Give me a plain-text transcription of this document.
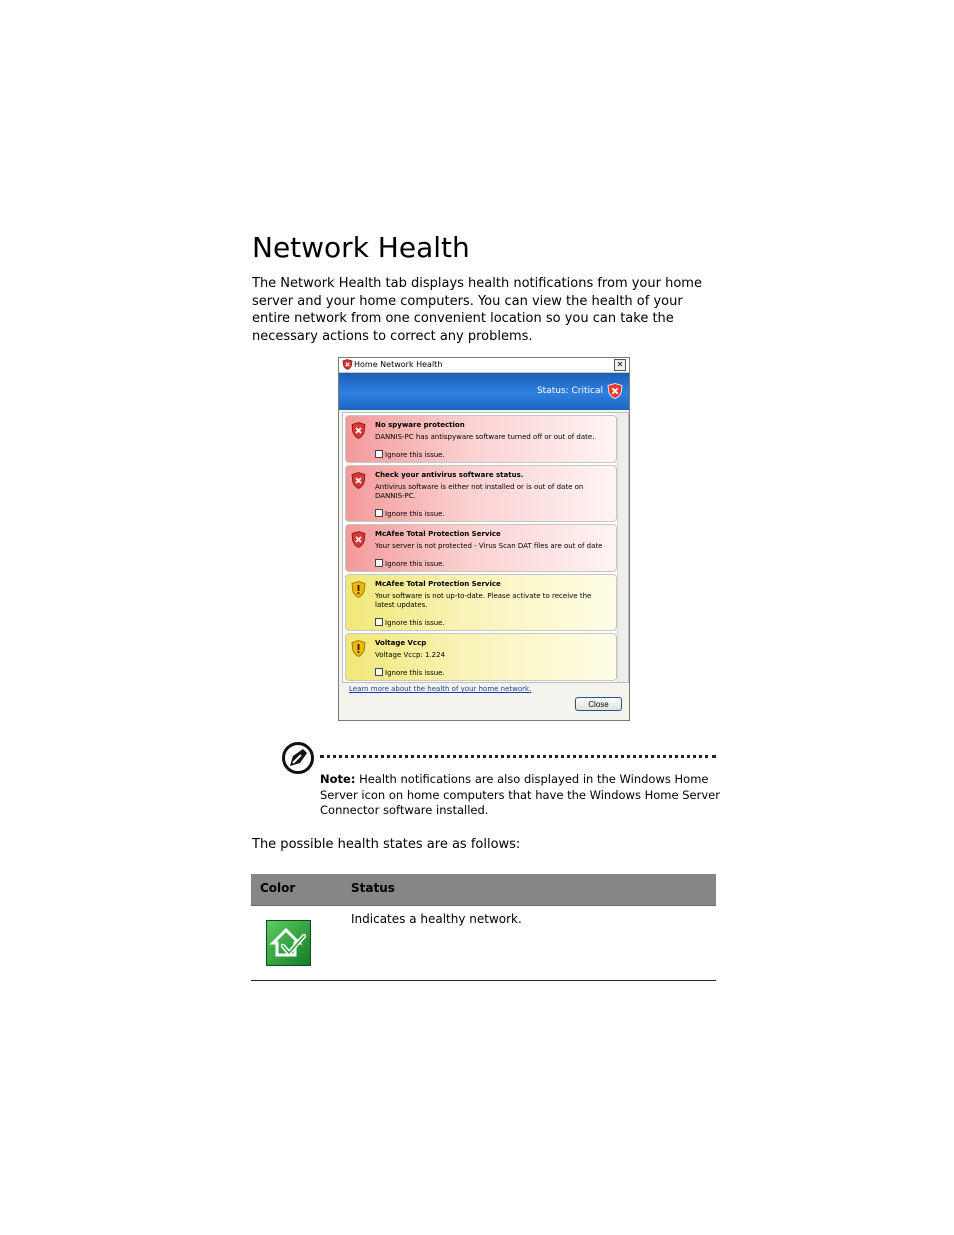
Network Health

The Network Health tab displays health notifications from your home server and your home computers. You can view the health of your entire network from one convenient location so you can take the necessary actions to correct any problems.

Home Network Health	✕
Status: Critical
No spyware protection
DANNIS-PC has antispyware software turned off or out of date.
Ignore this issue.
Check your antivirus software status.
Antivirus software is either not installed or is out of date on DANNIS-PC.
Ignore this issue.
McAfee Total Protection Service
Your server is not protected - Virus Scan DAT files are out of date
Ignore this issue.
McAfee Total Protection Service
Your software is not up-to-date. Please activate to receive the latest updates.
Ignore this issue.
Voltage Vccp
Voltage Vccp: 1.224
Ignore this issue.
Learn more about the health of your home network.
Close

Note: Health notifications are also displayed in the Windows Home Server icon on home computers that have the Windows Home Server Connector software installed.

The possible health states are as follows:

Color	Status
Indicates a healthy network.
